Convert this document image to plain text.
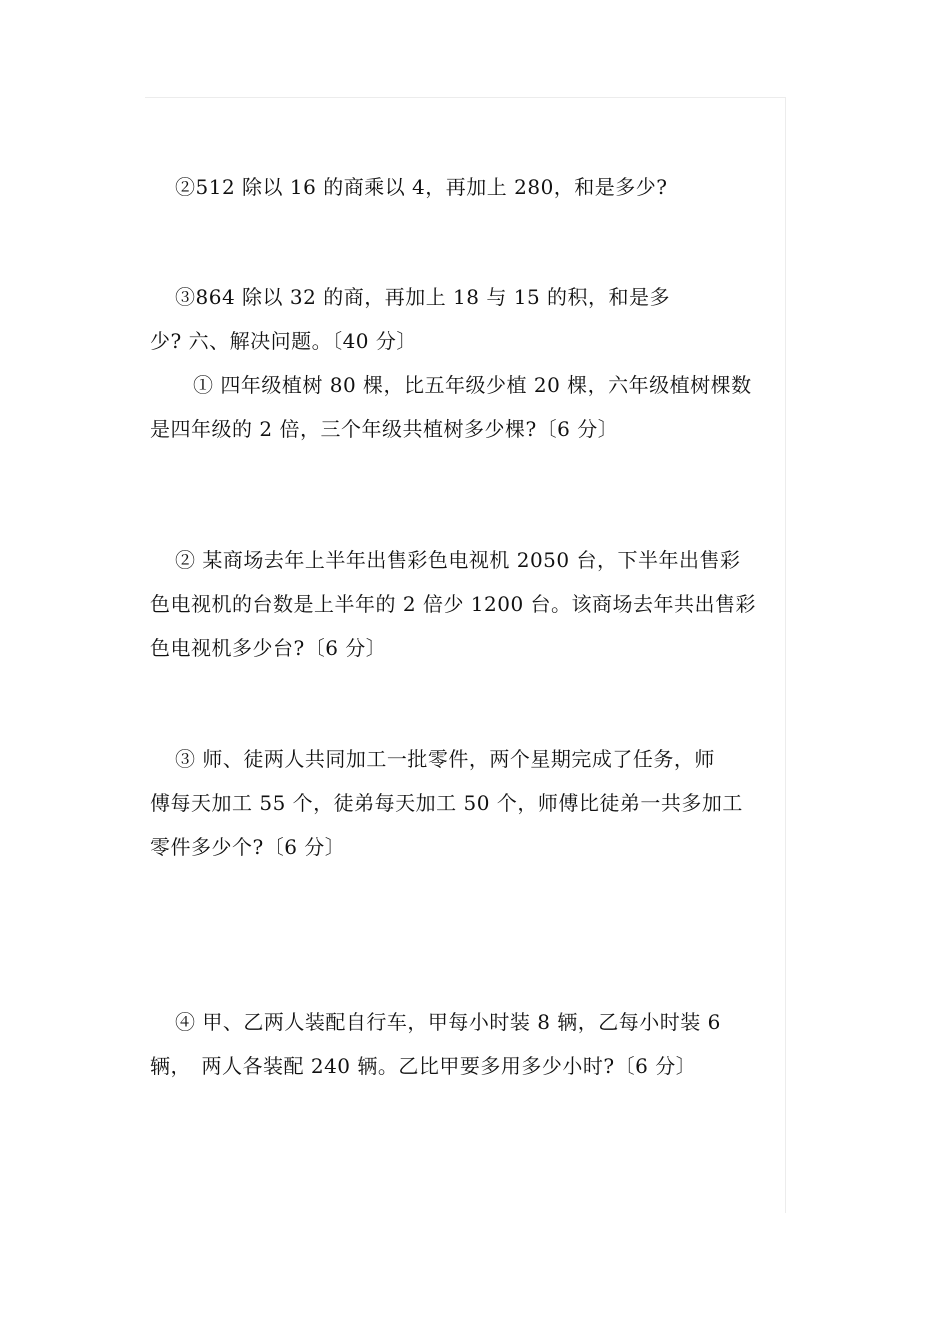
②512 除以 16 的商乘以 4，再加上 280，和是多少?
③864 除以 32 的商，再加上 18 与 15 的积，和是多
少? 六、解决问题。〔40 分〕
① 四年级植树 80 棵，比五年级少植 20 棵，六年级植树棵数
是四年级的 2 倍，三个年级共植树多少棵?〔6 分〕
② 某商场去年上半年出售彩色电视机 2050 台，下半年出售彩
色电视机的台数是上半年的 2 倍少 1200 台。该商场去年共出售彩
色电视机多少台?〔6 分〕
③ 师、徒两人共同加工一批零件，两个星期完成了任务，师
傅每天加工 55 个，徒弟每天加工 50 个，师傅比徒弟一共多加工
零件多少个?〔6 分〕
④ 甲、乙两人装配自行车，甲每小时装 8 辆，乙每小时装 6
辆，　两人各装配 240 辆。乙比甲要多用多少小时?〔6 分〕
